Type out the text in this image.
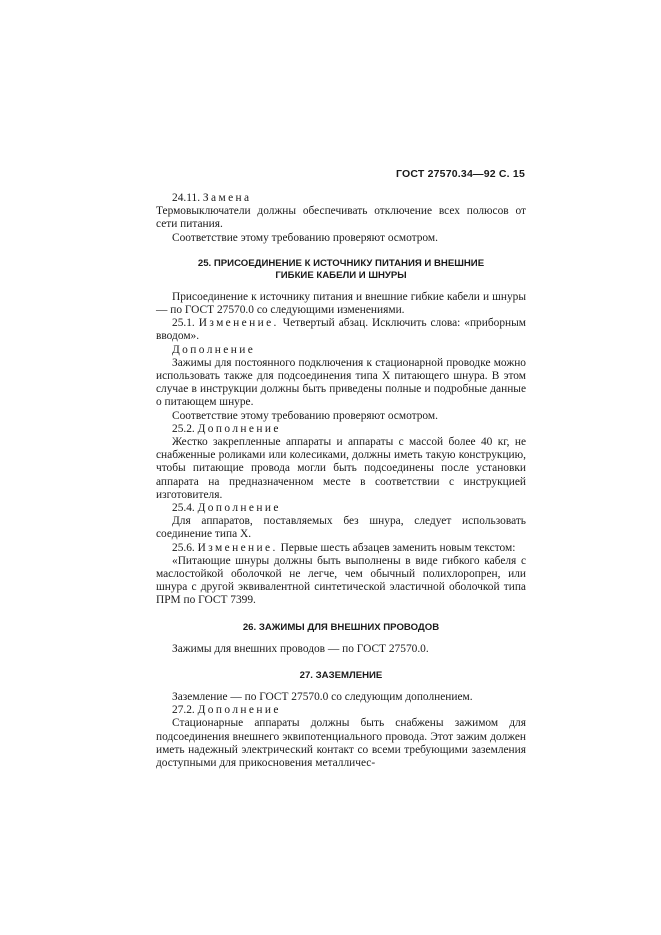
ГОСТ 27570.34—92 С. 15

24.11. Замена

Термовыключатели должны обеспечивать отключение всех полюсов от сети питания.

Соответствие этому требованию проверяют осмотром.

25. ПРИСОЕДИНЕНИЕ К ИСТОЧНИКУ ПИТАНИЯ И ВНЕШНИЕ
ГИБКИЕ КАБЕЛИ И ШНУРЫ

Присоединение к источнику питания и внешние гибкие кабели и шнуры — по ГОСТ 27570.0 со следующими изменениями.

25.1. Изменение. Четвертый абзац. Исключить слова: «приборным вводом».

Дополнение

Зажимы для постоянного подключения к стационарной проводке можно использовать также для подсоединения типа X питающего шнура. В этом случае в инструкции должны быть приведены полные и подробные данные о питающем шнуре.

Соответствие этому требованию проверяют осмотром.

25.2. Дополнение

Жестко закрепленные аппараты и аппараты с массой более 40 кг, не снабженные роликами или колесиками, должны иметь такую конструкцию, чтобы питающие провода могли быть подсоединены после установки аппарата на предназначенном месте в соответствии с инструкцией изготовителя.

25.4. Дополнение

Для аппаратов, поставляемых без шнура, следует использовать соединение типа X.

25.6. Изменение. Первые шесть абзацев заменить новым текстом:

«Питающие шнуры должны быть выполнены в виде гибкого кабеля с маслостойкой оболочкой не легче, чем обычный полихлоропрен, или шнура с другой эквивалентной синтетической эластичной оболочкой типа ПРМ по ГОСТ 7399.

26. ЗАЖИМЫ ДЛЯ ВНЕШНИХ ПРОВОДОВ

Зажимы для внешних проводов — по ГОСТ 27570.0.

27. ЗАЗЕМЛЕНИЕ

Заземление — по ГОСТ 27570.0 со следующим дополнением.

27.2. Дополнение

Стационарные аппараты должны быть снабжены зажимом для подсоединения внешнего эквипотенциального провода. Этот зажим должен иметь надежный электрический контакт со всеми требующими заземления доступными для прикосновения металличес-
